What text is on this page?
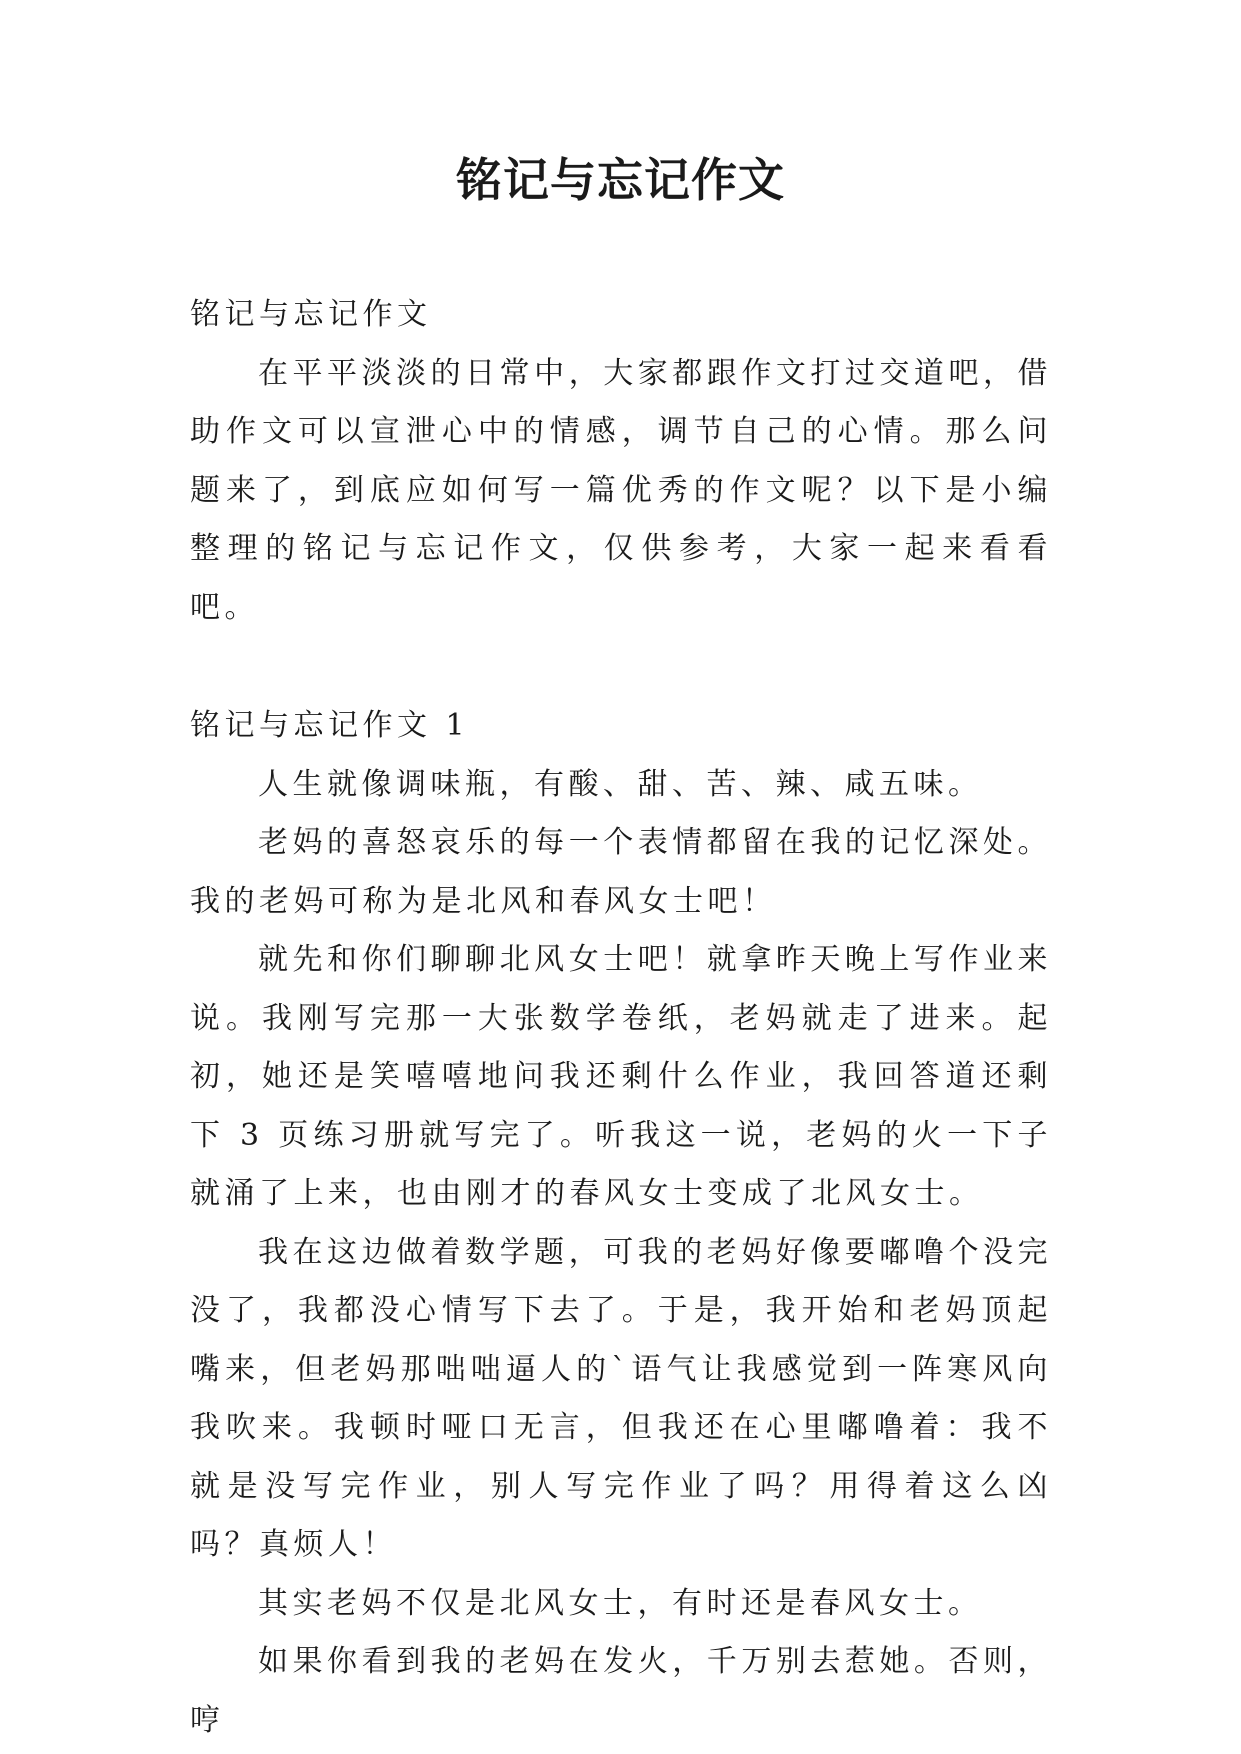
铭记与忘记作文

铭记与忘记作文

在平平淡淡的日常中，大家都跟作文打过交道吧，借助作文可以宣泄心中的情感，调节自己的心情。那么问题来了，到底应如何写一篇优秀的作文呢？以下是小编整理的铭记与忘记作文，仅供参考，大家一起来看看吧。

铭记与忘记作文 1

人生就像调味瓶，有酸、甜、苦、辣、咸五味。

老妈的喜怒哀乐的每一个表情都留在我的记忆深处。我的老妈可称为是北风和春风女士吧！

就先和你们聊聊北风女士吧！就拿昨天晚上写作业来说。我刚写完那一大张数学卷纸，老妈就走了进来。起初，她还是笑嘻嘻地问我还剩什么作业，我回答道还剩下 3 页练习册就写完了。听我这一说，老妈的火一下子就涌了上来，也由刚才的春风女士变成了北风女士。

我在这边做着数学题，可我的老妈好像要嘟噜个没完没了，我都没心情写下去了。于是，我开始和老妈顶起嘴来，但老妈那咄咄逼人的`语气让我感觉到一阵寒风向我吹来。我顿时哑口无言，但我还在心里嘟噜着：我不就是没写完作业，别人写完作业了吗？用得着这么凶吗？真烦人！

其实老妈不仅是北风女士，有时还是春风女士。

如果你看到我的老妈在发火，千万别去惹她。否则，哼
